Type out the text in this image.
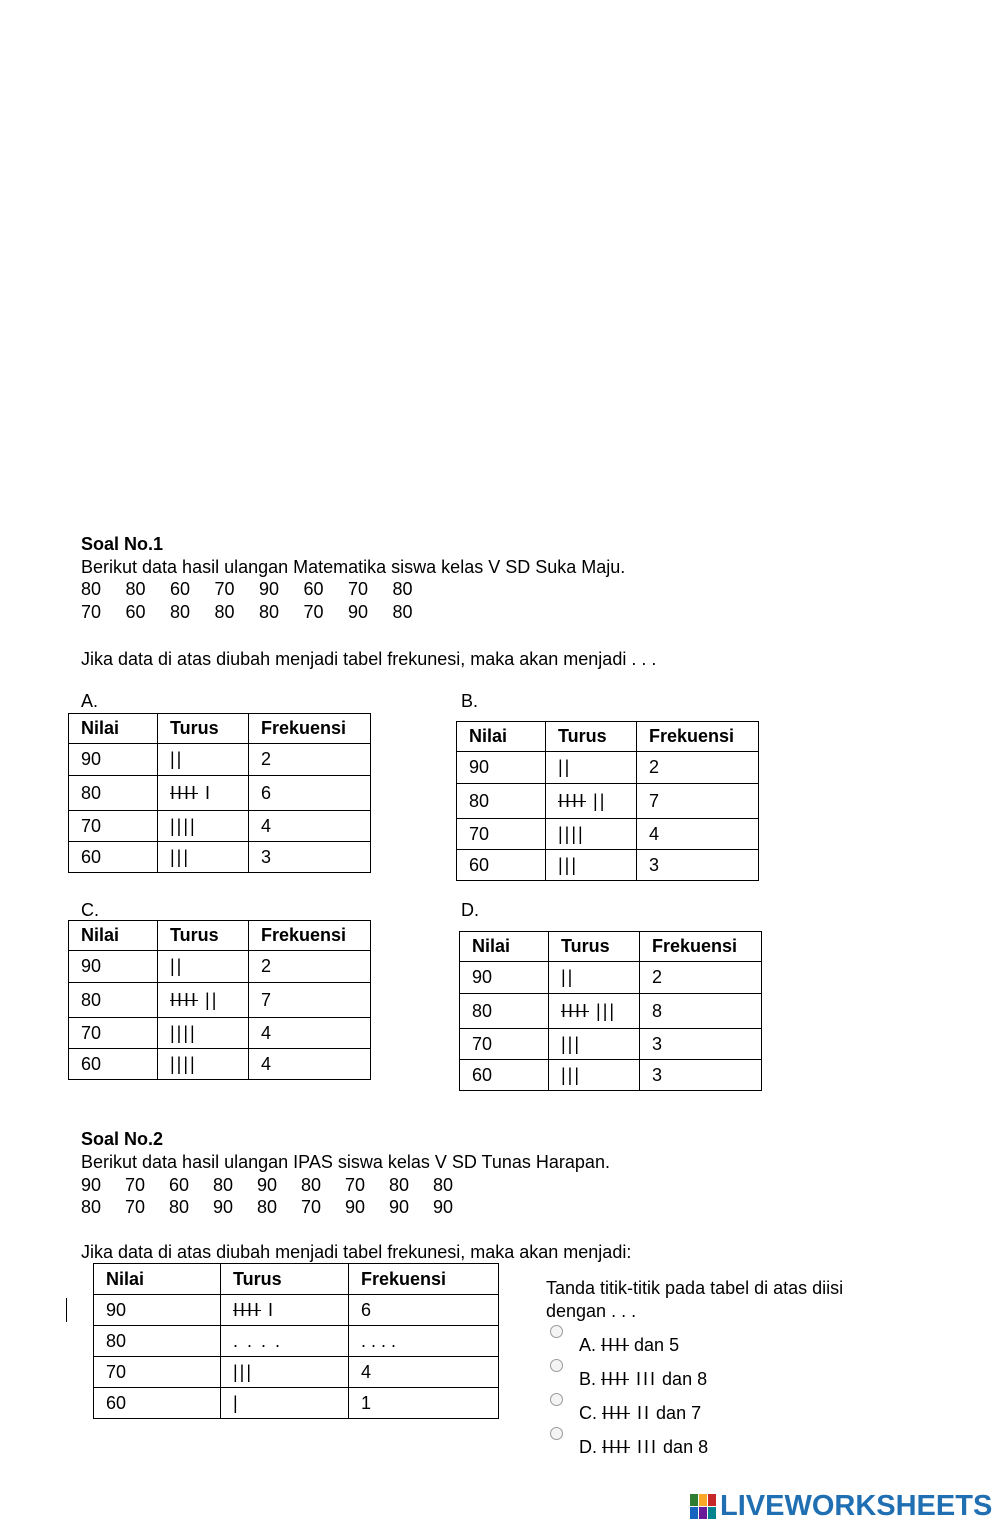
Soal No.1
Berikut data hasil ulangan Matematika siswa kelas V SD Suka Maju.
80 80 60 70 90 60 70 80
70 60 80 80 80 70 90 80
Jika data di atas diubah menjadi tabel frekunesi, maka akan menjadi . . .
A.
Nilai	Turus	Frekuensi
90	||	2
80	IIII I	6
70	||||	4
60	|||	3
B.
Nilai	Turus	Frekuensi
90	||	2
80	IIII ||	7
70	||||	4
60	|||	3
C.
Nilai	Turus	Frekuensi
90	||	2
80	IIII ||	7
70	||||	4
60	||||	4
D.
Nilai	Turus	Frekuensi
90	||	2
80	IIII |||	8
70	|||	3
60	|||	3
Soal No.2
Berikut data hasil ulangan IPAS siswa kelas V SD Tunas Harapan.
90 70 60 80 90 80 70 80 80
80 70 80 90 80 70 90 90 90
Jika data di atas diubah menjadi tabel frekunesi, maka akan menjadi:
Nilai	Turus	Frekuensi
90	IIII I	6
80	. . . .	. . . .
70	|||	4
60	|	1
Tanda titik-titik pada tabel di atas diisi
dengan . . .
A. IIII dan 5
B. IIII III dan 8
C. IIII II dan 7
D. IIII III dan 8
LIVEWORKSHEETS
